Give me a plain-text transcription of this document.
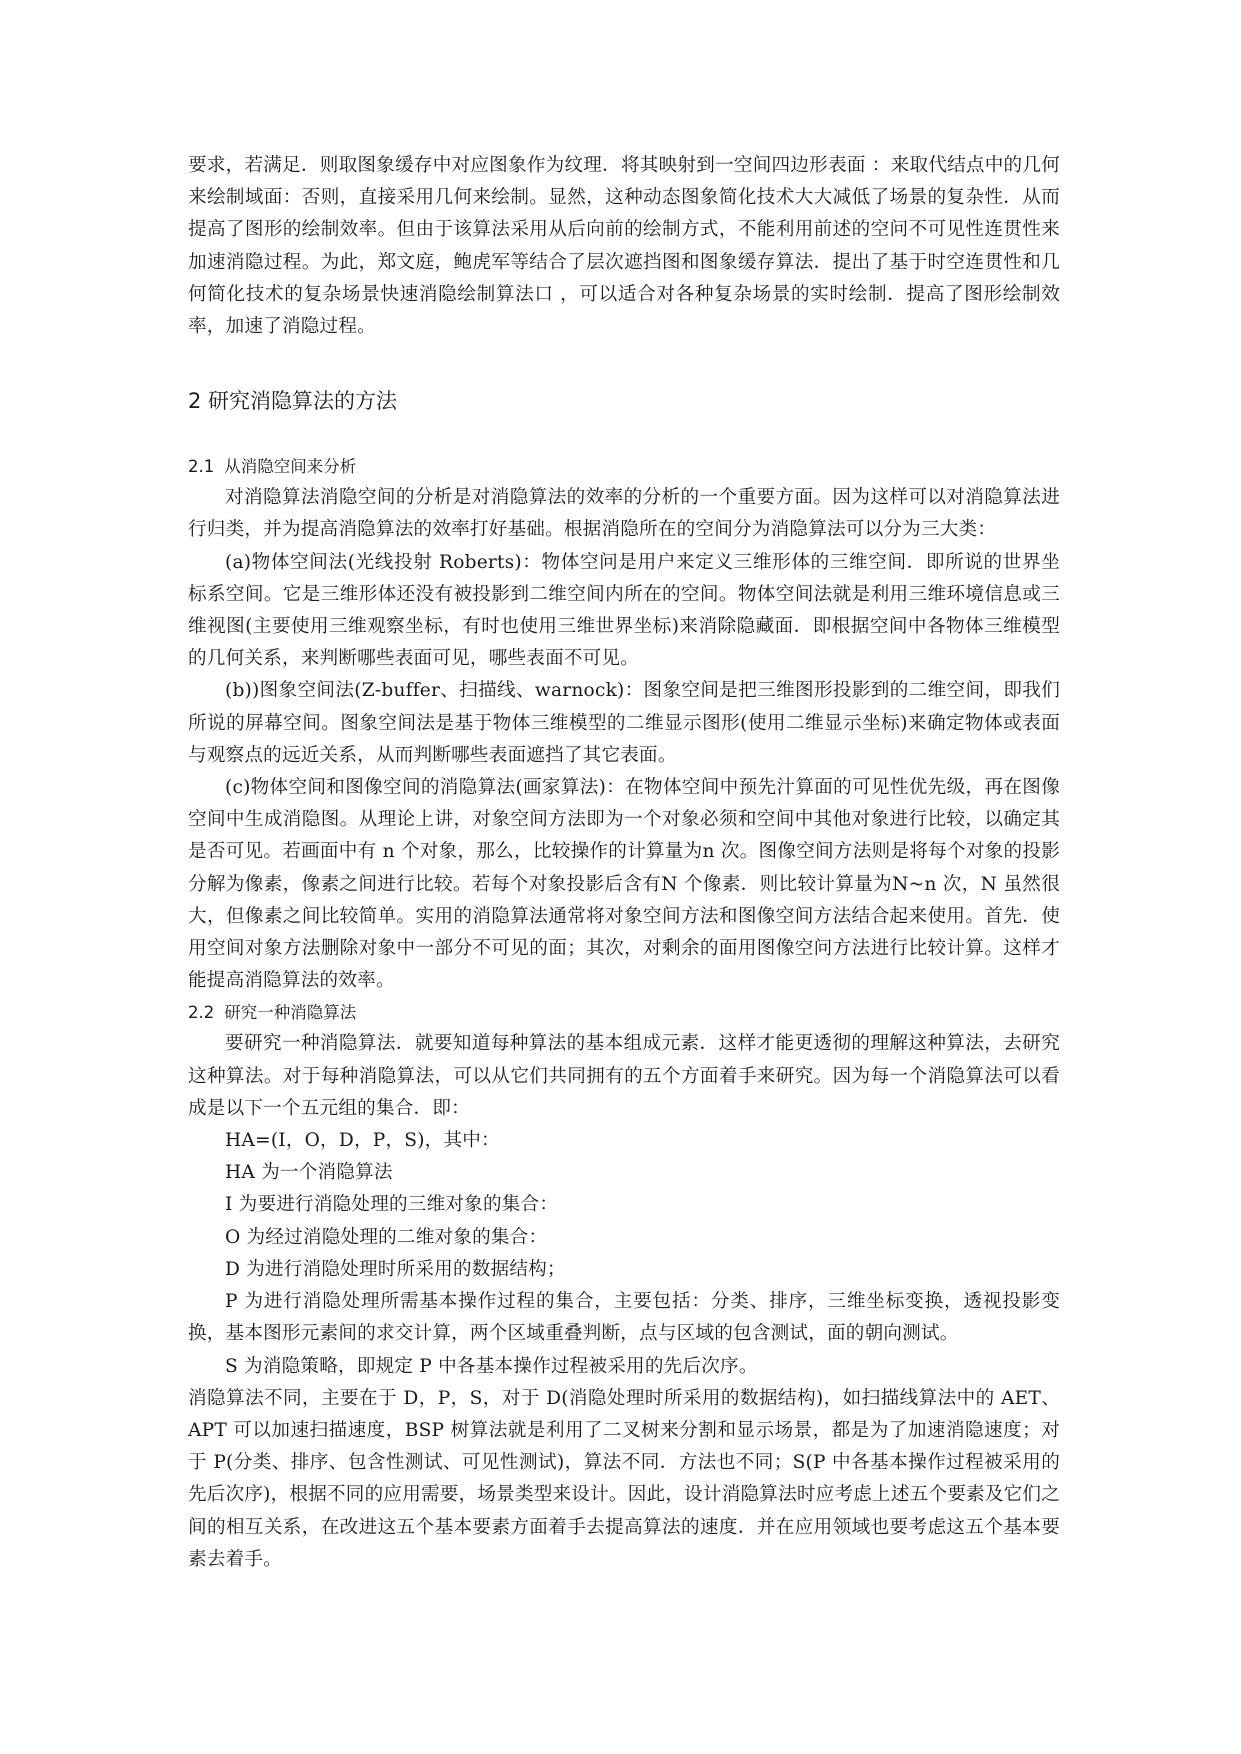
要求，若满足．则取图象缓存中对应图象作为纹理．将其映射到一空间四边形表面 ：来取代结点中的几何来绘制域面：否则，直接采用几何来绘制。显然，这种动态图象简化技术大大减低了场景的复杂性．从而提高了图形的绘制效率。但由于该算法采用从后向前的绘制方式，不能利用前述的空问不可见性连贯性来加速消隐过程。为此，郑文庭，鲍虎军等结合了层次遮挡图和图象缓存算法．提出了基于时空连贯性和几何简化技术的复杂场景快速消隐绘制算法口 ，可以适合对各种复杂场景的实时绘制．提高了图形绘制效率，加速了消隐过程。

2 研究消隐算法的方法
2.1 从消隐空间来分析

对消隐算法消隐空间的分析是对消隐算法的效率的分析的一个重要方面。因为这样可以对消隐算法进行归类，并为提高消隐算法的效率打好基础。根据消隐所在的空间分为消隐算法可以分为三大类：

(a)物体空间法(光线投射 Roberts)：物体空问是用户来定义三维形体的三维空间．即所说的世界坐标系空间。它是三维形体还没有被投影到二维空间内所在的空间。物体空间法就是利用三维环境信息或三维视图(主要使用三维观察坐标，有时也使用三维世界坐标)来消除隐藏面．即根据空间中各物体三维模型的几何关系，来判断哪些表面可见，哪些表面不可见。

(b))图象空间法(Z-buffer、扫描线、warnock)：图象空间是把三维图形投影到的二维空间，即我们所说的屏幕空间。图象空间法是基于物体三维模型的二维显示图形(使用二维显示坐标)来确定物体或表面与观察点的远近关系，从而判断哪些表面遮挡了其它表面。

(c)物体空间和图像空间的消隐算法(画家算法)：在物体空间中预先汁算面的可见性优先级，再在图像空间中生成消隐图。从理论上讲，对象空间方法即为一个对象必须和空间中其他对象进行比较，以确定其是否可见。若画面中有 n 个对象，那么，比较操作的计算量为n 次。图像空间方法则是将每个对象的投影分解为像素，像素之间进行比较。若每个对象投影后含有N 个像素．则比较计算量为N~n 次，N 虽然很大，但像素之间比较简单。实用的消隐算法通常将对象空间方法和图像空间方法结合起来使用。首先．使用空间对象方法删除对象中一部分不可见的面；其次，对剩余的面用图像空问方法进行比较计算。这样才能提高消隐算法的效率。

2.2 研究一种消隐算法

要研究一种消隐算法．就要知道每种算法的基本组成元素．这样才能更透彻的理解这种算法，去研究这种算法。对于每种消隐算法，可以从它们共同拥有的五个方面着手来研究。因为每一个消隐算法可以看成是以下一个五元组的集合．即：

HA=(I，O，D，P，S)，其中：

HA 为一个消隐算法

I 为要进行消隐处理的三维对象的集合：

O 为经过消隐处理的二维对象的集合：

D 为进行消隐处理时所采用的数据结构；

P 为进行消隐处理所需基本操作过程的集合，主要包括：分类、排序，三维坐标变换，透视投影变换，基本图形元素间的求交计算，两个区域重叠判断，点与区域的包含测试，面的朝向测试。

S 为消隐策略，即规定 P 中各基本操作过程被采用的先后次序。

消隐算法不同，主要在于 D，P，S，对于 D(消隐处理时所采用的数据结构)，如扫描线算法中的 AET、APT 可以加速扫描速度，BSP 树算法就是利用了二叉树来分割和显示场景，都是为了加速消隐速度；对于 P(分类、排序、包含性测试、可见性测试)，算法不同．方法也不同；S(P 中各基本操作过程被采用的先后次序)，根据不同的应用需要，场景类型来设计。因此，设计消隐算法时应考虑上述五个要素及它们之间的相互关系，在改进这五个基本要素方面着手去提高算法的速度．并在应用领域也要考虑这五个基本要素去着手。
